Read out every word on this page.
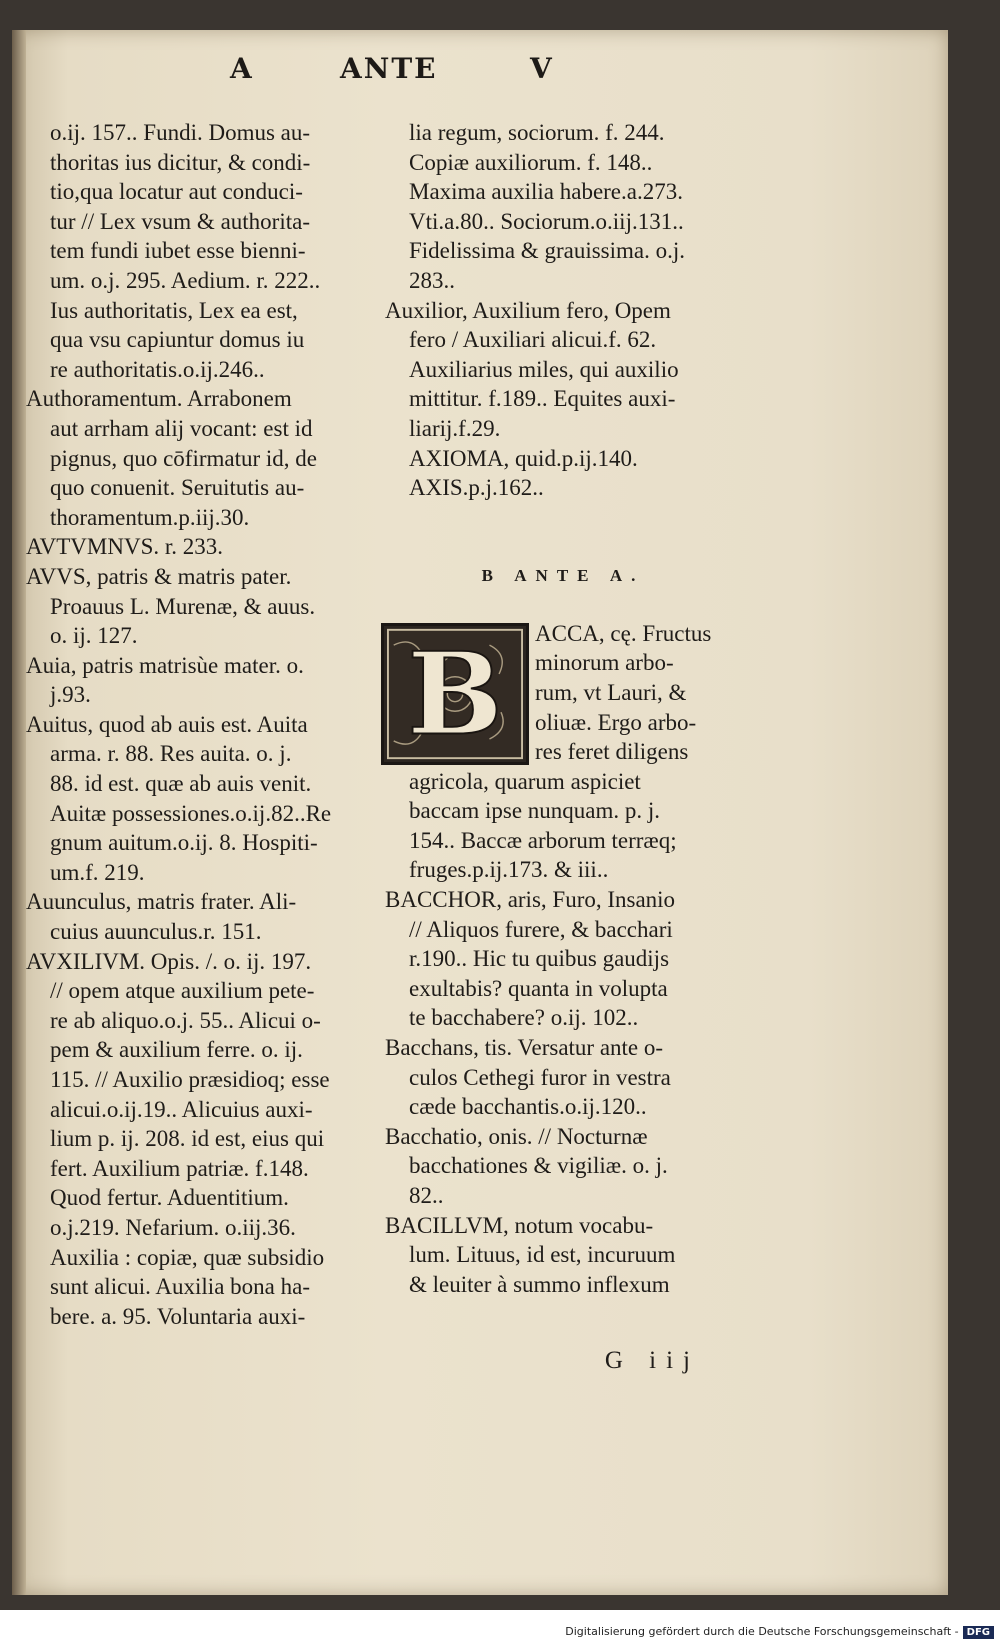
A	ANTE	V
o.ij. 157.. Fundi. Domus au-
thoritas ius dicitur, & condi-
tio,qua locatur aut conduci-
tur // Lex vsum & authorita-
tem fundi iubet esse bienni-
um. o.j. 295. Aedium. r. 222..
Ius authoritatis, Lex ea est,
qua vsu capiuntur domus iu
re authoritatis.o.ij.246..
Authoramentum. Arrabonem
aut arrham alij vocant: est id
pignus, quo cōfirmatur id, de
quo conuenit. Seruitutis au-
thoramentum.p.iij.30.
AVTVMNVS. r. 233.
AVVS, patris & matris pater.
Proauus L. Murenæ, & auus.
o. ij. 127.
Auia, patris matrisùe mater. o.
j.93.
Auitus, quod ab auis est. Auita
arma. r. 88. Res auita. o. j.
88. id est. quæ ab auis venit.
Auitæ possessiones.o.ij.82..Re
gnum auitum.o.ij. 8. Hospiti-
um.f. 219.
Auunculus, matris frater. Ali-
cuius auunculus.r. 151.
AVXILIVM. Opis. /. o. ij. 197.
// opem atque auxilium pete-
re ab aliquo.o.j. 55.. Alicui o-
pem & auxilium ferre. o. ij.
115. // Auxilio præsidioq; esse
alicui.o.ij.19.. Alicuius auxi-
lium p. ij. 208. id est, eius qui
fert. Auxilium patriæ. f.148.
Quod fertur. Aduentitium.
o.j.219. Nefarium. o.iij.36.
Auxilia : copiæ, quæ subsidio
sunt alicui. Auxilia bona ha-
bere. a. 95. Voluntaria auxi-
lia regum, sociorum. f. 244.
Copiæ auxiliorum. f. 148..
Maxima auxilia habere.a.273.
Vti.a.80.. Sociorum.o.iij.131..
Fidelissima & grauissima. o.j.
283..
Auxilior, Auxilium fero, Opem
fero / Auxiliari alicui.f. 62.
Auxiliarius miles, qui auxilio
mittitur. f.189.. Equites auxi-
liarij.f.29.
AXIOMA, quid.p.ij.140.
AXIS.p.j.162..
B ANTE A.
B ACCA, cę. Fructus
minorum arbo-
rum, vt Lauri, &
oliuæ. Ergo arbo-
res feret diligens
agricola, quarum aspiciet
baccam ipse nunquam. p. j.
154.. Baccæ arborum terræq;
fruges.p.ij.173. & iii..
BACCHOR, aris, Furo, Insanio
// Aliquos furere, & bacchari
r.190.. Hic tu quibus gaudijs
exultabis? quanta in volupta
te bacchabere? o.ij. 102..
Bacchans, tis. Versatur ante o-
culos Cethegi furor in vestra
cæde bacchantis.o.ij.120..
Bacchatio, onis. // Nocturnæ
bacchationes & vigiliæ. o. j.
82..
BACILLVM, notum vocabu-
lum. Lituus, id est, incuruum
& leuiter à summo inflexum
G iij
Digitalisierung gefördert durch die Deutsche Forschungsgemeinschaft - DFG
